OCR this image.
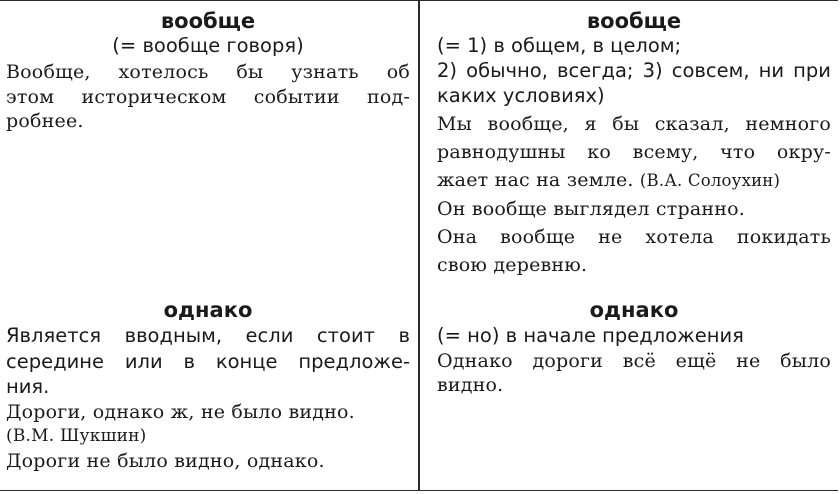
вообще
(= вообще говоря)
Вообще, хотелось бы узнать об
этом историческом событии под-
робнее.
однако
Является вводным, если стоит в
середине или в конце предложе-
ния.
Дороги, однако ж, не было видно.
(В.М. Шукшин)
Дороги не было видно, однако.
вообще
(= 1) в общем, в целом;
2) обычно, всегда; 3) совсем, ни при
каких условиях)
Мы вообще, я бы сказал, немного
равнодушны ко всему, что окру-
жает нас на земле. (В.А. Солоухин)
Он вообще выглядел странно.
Она вообще не хотела покидать
свою деревню.
однако
(= но) в начале предложения
Однако дороги всё ещё не было
видно.
